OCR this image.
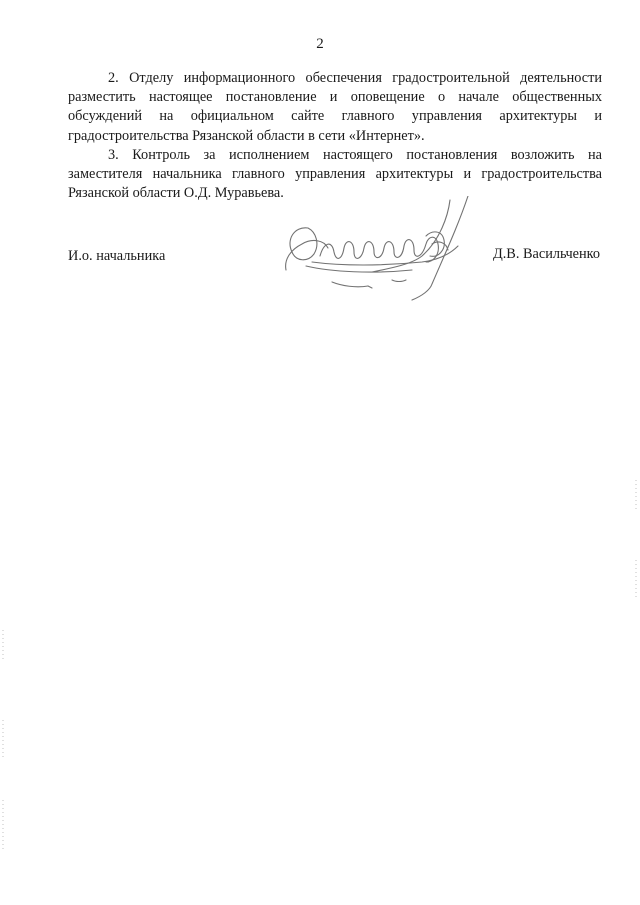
2

2. Отделу информационного обеспечения градостроительной деятельности разместить настоящее постановление и оповещение о начале общественных обсуждений на официальном сайте главного управления архитектуры и градостроительства Рязанской области в сети «Интернет».

3. Контроль за исполнением настоящего постановления возложить на заместителя начальника главного управления архитектуры и градостроительства Рязанской области О.Д. Муравьева.

И.о. начальника	Д.В. Васильченко
